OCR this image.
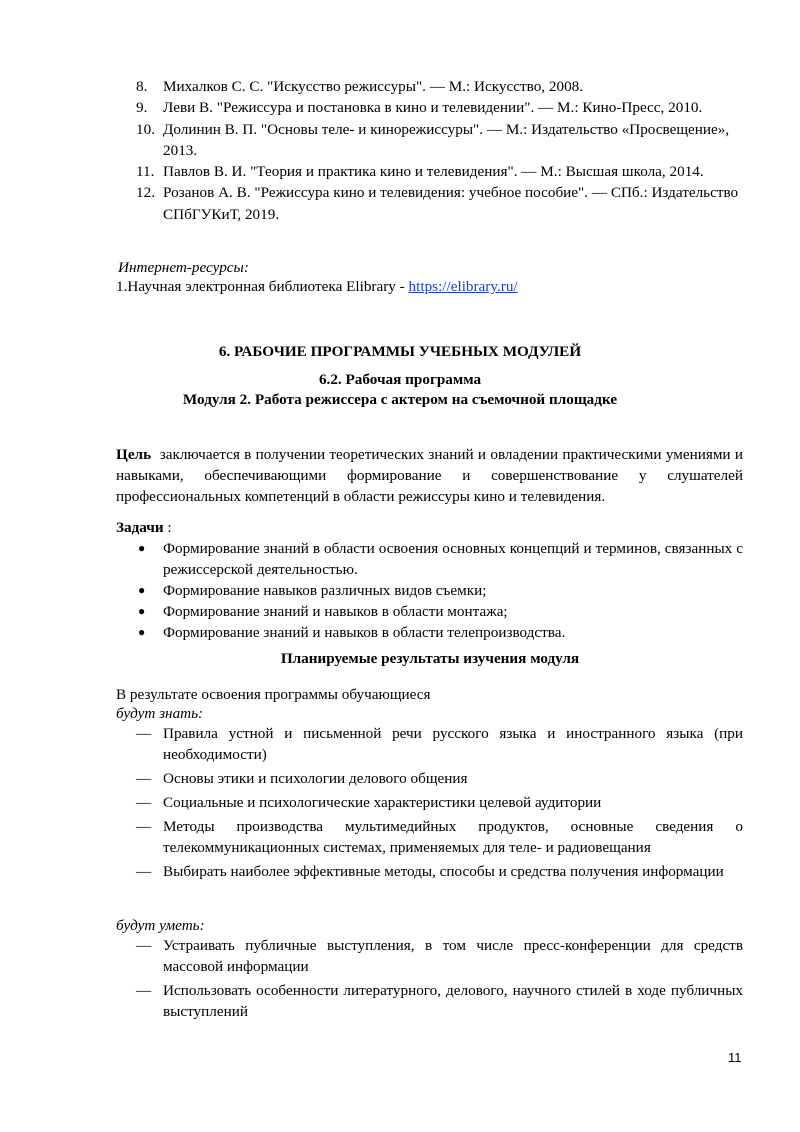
8. Михалков С. С. "Искусство режиссуры". — М.: Искусство, 2008.
9. Леви В. "Режиссура и постановка в кино и телевидении". — М.: Кино-Пресс, 2010.
10. Долинин В. П. "Основы теле- и кинорежиссуры". — М.: Издательство «Просвещение», 2013.
11. Павлов В. И. "Теория и практика кино и телевидения". — М.: Высшая школа, 2014.
12. Розанов А. В. "Режиссура кино и телевидения: учебное пособие". — СПб.: Издательство СПбГУКиТ, 2019.
Интернет-ресурсы:
1.Научная электронная библиотека Elibrary - https://elibrary.ru/
6. РАБОЧИЕ ПРОГРАММЫ УЧЕБНЫХ МОДУЛЕЙ
6.2. Рабочая программа
Модуля 2. Работа режиссера с актером на съемочной площадке
Цель заключается в получении теоретических знаний и овладении практическими умениями и навыками, обеспечивающими формирование и совершенствование у слушателей профессиональных компетенций в области режиссуры кино и телевидения.
Задачи :
● Формирование знаний в области освоения основных концепций и терминов, связанных с режиссерской деятельностью.
● Формирование навыков различных видов съемки;
● Формирование знаний и навыков в области монтажа;
● Формирование знаний и навыков в области телепроизводства.
Планируемые результаты изучения модуля
В результате освоения программы обучающиеся
будут знать:
— Правила устной и письменной речи русского языка и иностранного языка (при необходимости)
— Основы этики и психологии делового общения
— Социальные и психологические характеристики целевой аудитории
— Методы производства мультимедийных продуктов, основные сведения о телекоммуникационных системах, применяемых для теле- и радиовещания
— Выбирать наиболее эффективные методы, способы и средства получения информации
будут уметь:
— Устраивать публичные выступления, в том числе пресс-конференции для средств массовой информации
— Использовать особенности литературного, делового, научного стилей в ходе публичных выступлений
11
